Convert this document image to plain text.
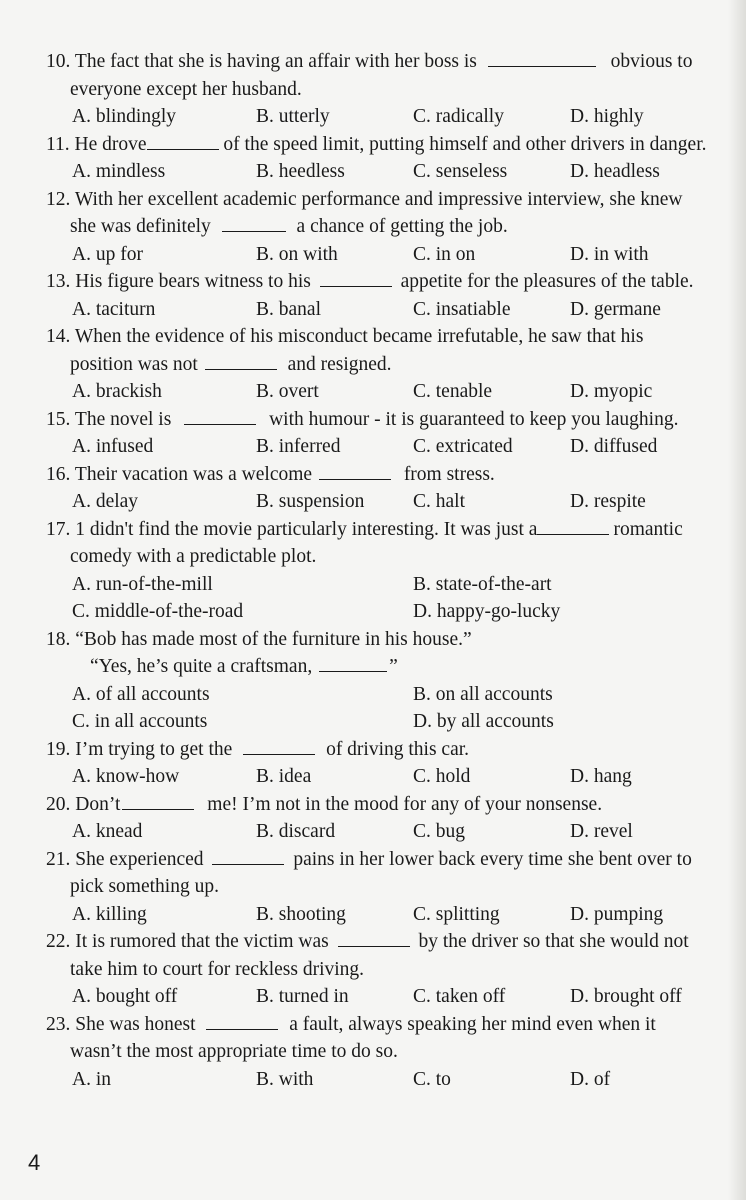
10. The fact that she is having an affair with her boss is	obvious to
everyone except her husband.
A. blindingly	B. utterly	C. radically	D. highly
11. He drove	of the speed limit, putting himself and other drivers in danger.
A. mindless	B. heedless	C. senseless	D. headless
12. With her excellent academic performance and impressive interview, she knew
she was definitely	a chance of getting the job.
A. up for	B. on with	C. in on	D. in with
13. His figure bears witness to his	appetite for the pleasures of the table.
A. taciturn	B. banal	C. insatiable	D. germane
14. When the evidence of his misconduct became irrefutable, he saw that his
position was not	and resigned.
A. brackish	B. overt	C. tenable	D. myopic
15. The novel is	with humour - it is guaranteed to keep you laughing.
A. infused	B. inferred	C. extricated	D. diffused
16. Their vacation was a welcome	from stress.
A. delay	B. suspension	C. halt	D. respite
17. 1 didn't find the movie particularly interesting. It was just a	romantic
comedy with a predictable plot.
A. run-of-the-mill	B. state-of-the-art
C. middle-of-the-road	D. happy-go-lucky
18. “Bob has made most of the furniture in his house.”
“Yes, he’s quite a craftsman,	”
A. of all accounts	B. on all accounts
C. in all accounts	D. by all accounts
19. I’m trying to get the	of driving this car.
A. know-how	B. idea	C. hold	D. hang
20. Don’t	me! I’m not in the mood for any of your nonsense.
A. knead	B. discard	C. bug	D. revel
21. She experienced	pains in her lower back every time she bent over to
pick something up.
A. killing	B. shooting	C. splitting	D. pumping
22. It is rumored that the victim was	by the driver so that she would not
take him to court for reckless driving.
A. bought off	B. turned in	C. taken off	D. brought off
23. She was honest	a fault, always speaking her mind even when it
wasn’t the most appropriate time to do so.
A. in	B. with	C. to	D. of
4
